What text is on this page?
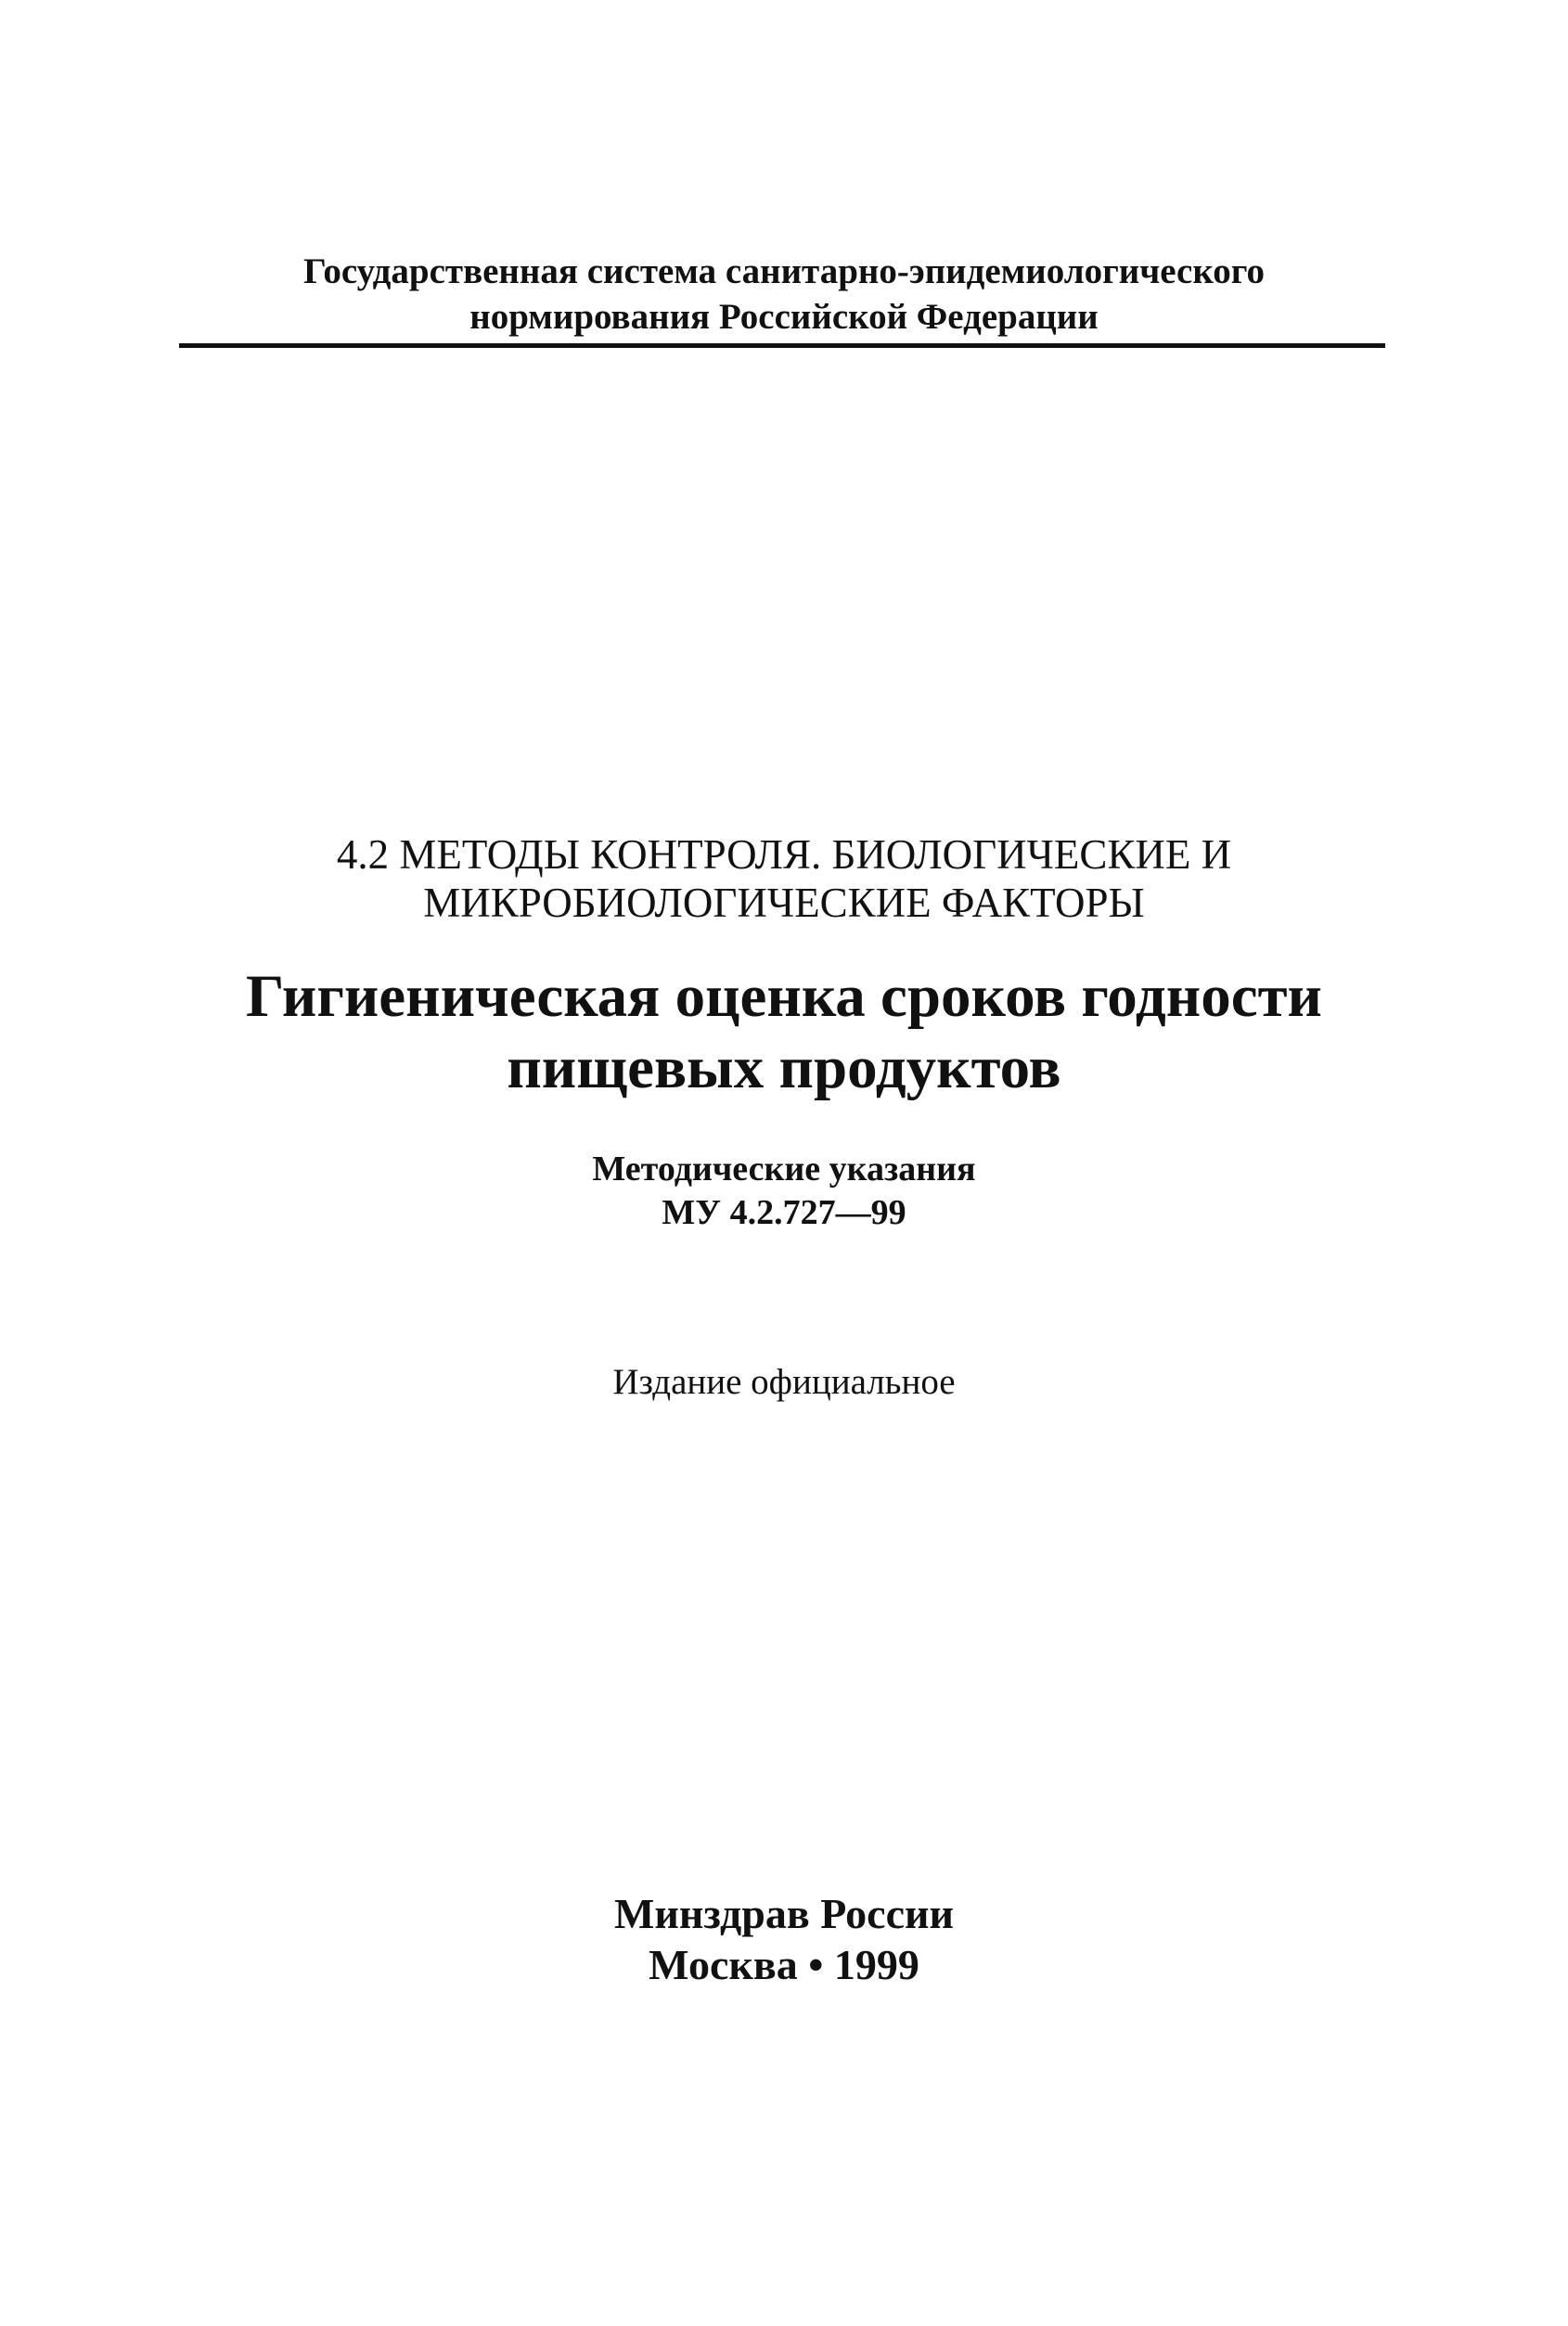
Государственная система санитарно-эпидемиологического
нормирования Российской Федерации
4.2 МЕТОДЫ КОНТРОЛЯ. БИОЛОГИЧЕСКИЕ И
МИКРОБИОЛОГИЧЕСКИЕ ФАКТОРЫ
Гигиеническая оценка сроков годности
пищевых продуктов
Методические указания
МУ 4.2.727—99
Издание официальное
Минздрав России
Москва • 1999
